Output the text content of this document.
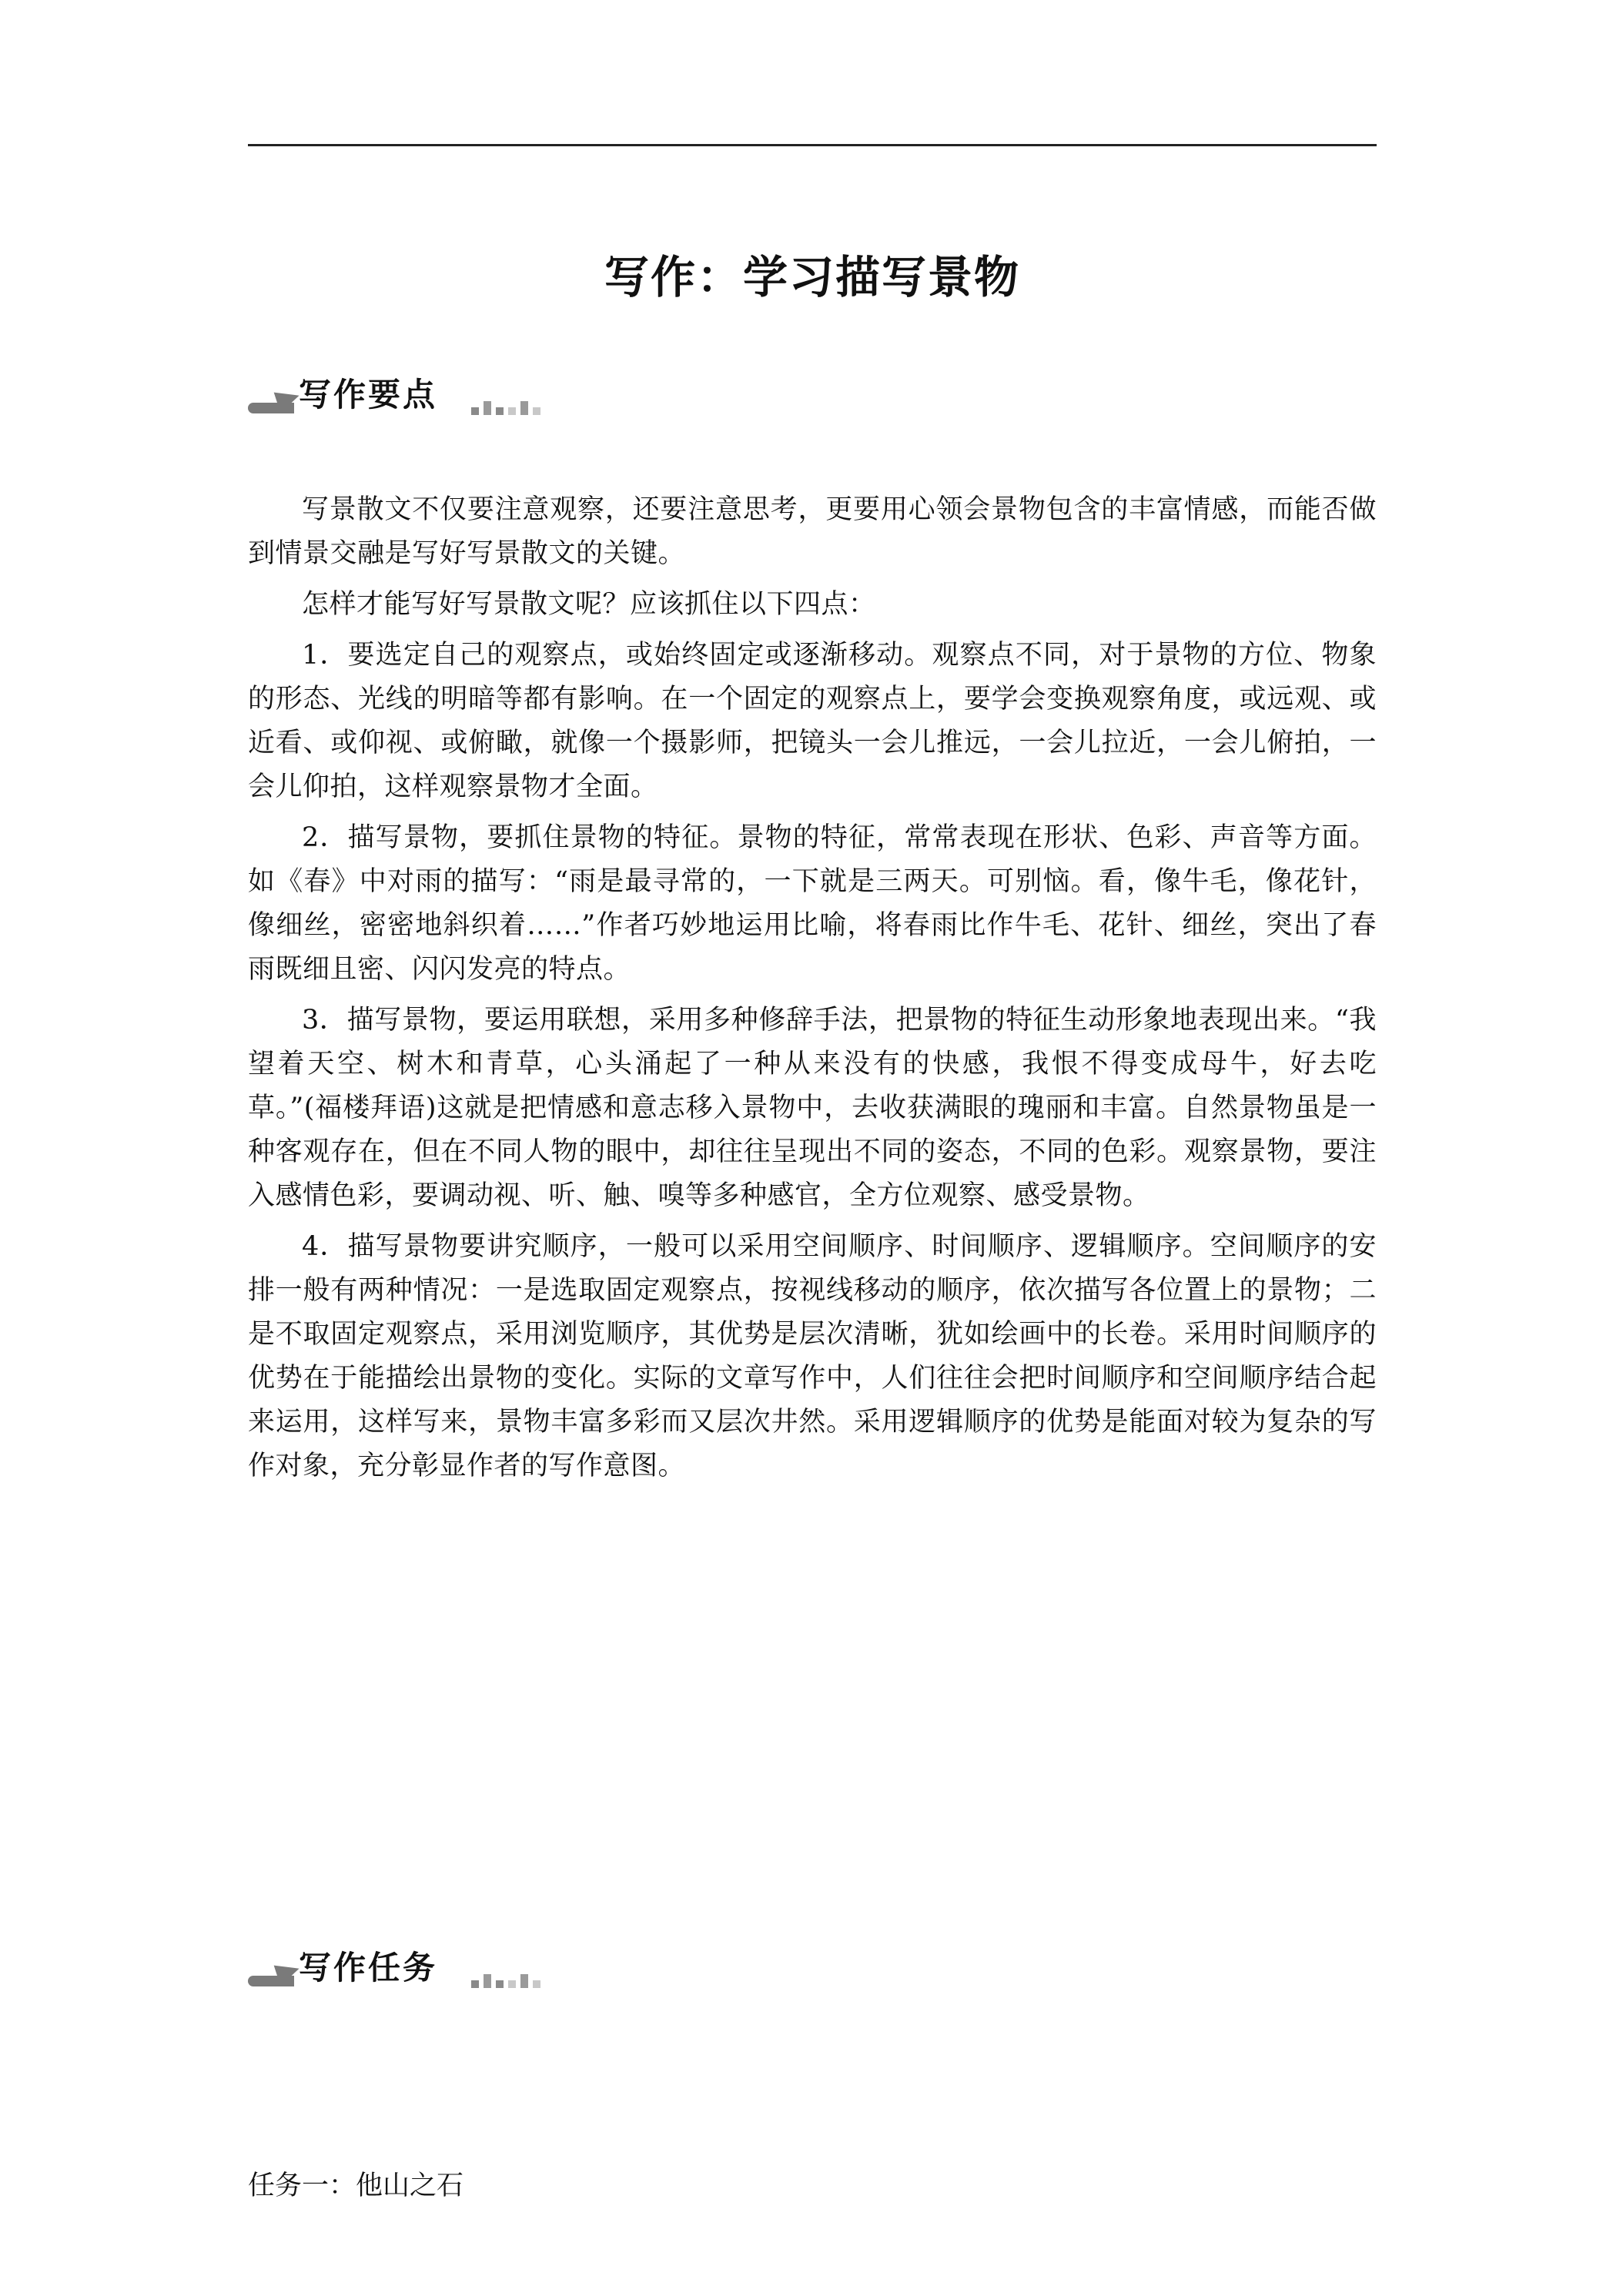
写作：学习描写景物
写作要点

写景散文不仅要注意观察，还要注意思考，更要用心领会景物包含的丰富情感，而能否做到情景交融是写好写景散文的关键。

怎样才能写好写景散文呢？应该抓住以下四点：

1．要选定自己的观察点，或始终固定或逐渐移动。观察点不同，对于景物的方位、物象的形态、光线的明暗等都有影响。在一个固定的观察点上，要学会变换观察角度，或远观、或近看、或仰视、或俯瞰，就像一个摄影师，把镜头一会儿推远，一会儿拉近，一会儿俯拍，一会儿仰拍，这样观察景物才全面。

2．描写景物，要抓住景物的特征。景物的特征，常常表现在形状、色彩、声音等方面。如《春》中对雨的描写：“雨是最寻常的，一下就是三两天。可别恼。看，像牛毛，像花针，像细丝，密密地斜织着……”作者巧妙地运用比喻，将春雨比作牛毛、花针、细丝，突出了春雨既细且密、闪闪发亮的特点。

3．描写景物，要运用联想，采用多种修辞手法，把景物的特征生动形象地表现出来。“我望着天空、树木和青草，心头涌起了一种从来没有的快感，我恨不得变成母牛，好去吃草。”(福楼拜语)这就是把情感和意志移入景物中，去收获满眼的瑰丽和丰富。自然景物虽是一种客观存在，但在不同人物的眼中，却往往呈现出不同的姿态，不同的色彩。观察景物，要注入感情色彩，要调动视、听、触、嗅等多种感官，全方位观察、感受景物。

4．描写景物要讲究顺序，一般可以采用空间顺序、时间顺序、逻辑顺序。空间顺序的安排一般有两种情况：一是选取固定观察点，按视线移动的顺序，依次描写各位置上的景物；二是不取固定观察点，采用浏览顺序，其优势是层次清晰，犹如绘画中的长卷。采用时间顺序的优势在于能描绘出景物的变化。实际的文章写作中，人们往往会把时间顺序和空间顺序结合起来运用，这样写来，景物丰富多彩而又层次井然。采用逻辑顺序的优势是能面对较为复杂的写作对象，充分彰显作者的写作意图。

写作任务
任务一：他山之石
